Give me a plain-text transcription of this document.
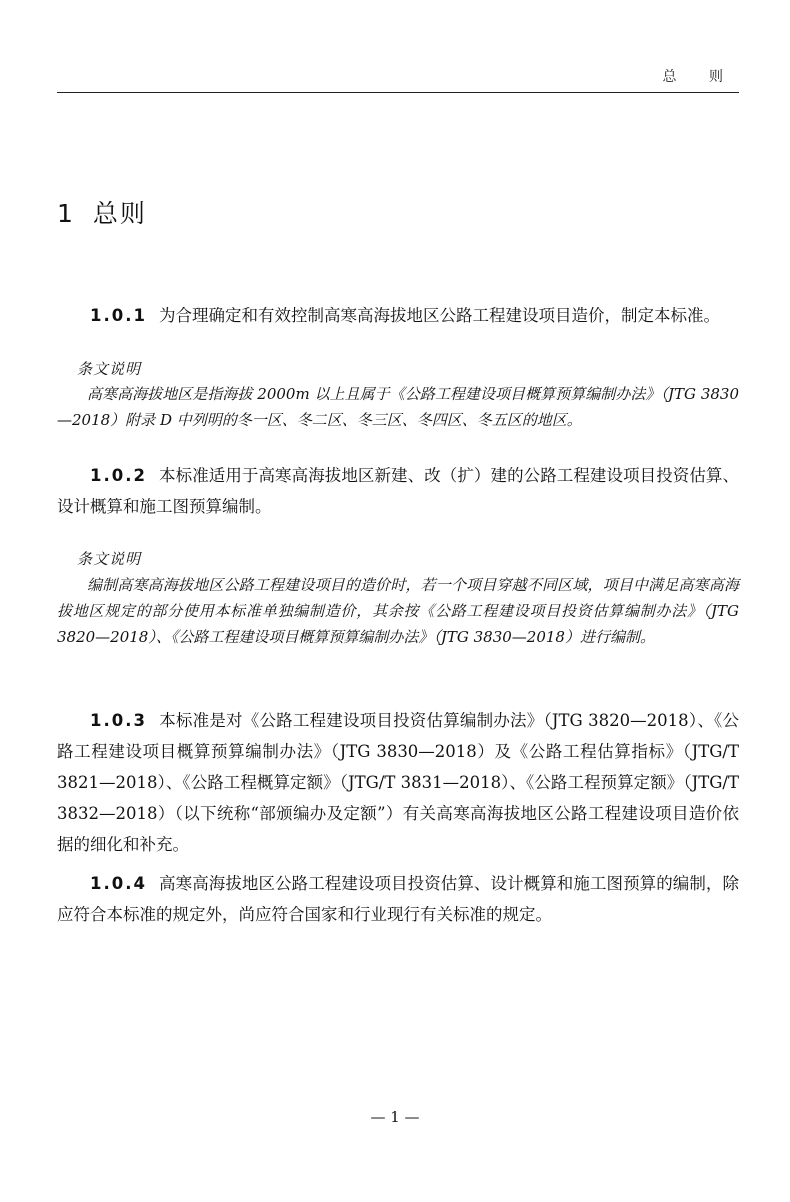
总 则
1 总则
1.0.1 为合理确定和有效控制高寒高海拔地区公路工程建设项目造价，制定本标准。
条文说明
高寒高海拔地区是指海拔 2000m 以上且属于《公路工程建设项目概算预算编制办法》（JTG 3830—2018）附录 D 中列明的冬一区、冬二区、冬三区、冬四区、冬五区的地区。
1.0.2 本标准适用于高寒高海拔地区新建、改（扩）建的公路工程建设项目投资估算、设计概算和施工图预算编制。
条文说明
编制高寒高海拔地区公路工程建设项目的造价时，若一个项目穿越不同区域，项目中满足高寒高海拔地区规定的部分使用本标准单独编制造价，其余按《公路工程建设项目投资估算编制办法》（JTG 3820—2018）、《公路工程建设项目概算预算编制办法》（JTG 3830—2018）进行编制。
1.0.3 本标准是对《公路工程建设项目投资估算编制办法》（JTG 3820—2018）、《公路工程建设项目概算预算编制办法》（JTG 3830—2018）及《公路工程估算指标》（JTG/T 3821—2018）、《公路工程概算定额》（JTG/T 3831—2018）、《公路工程预算定额》（JTG/T 3832—2018）（以下统称“部颁编办及定额”）有关高寒高海拔地区公路工程建设项目造价依据的细化和补充。
1.0.4 高寒高海拔地区公路工程建设项目投资估算、设计概算和施工图预算的编制，除应符合本标准的规定外，尚应符合国家和行业现行有关标准的规定。
— 1 —
